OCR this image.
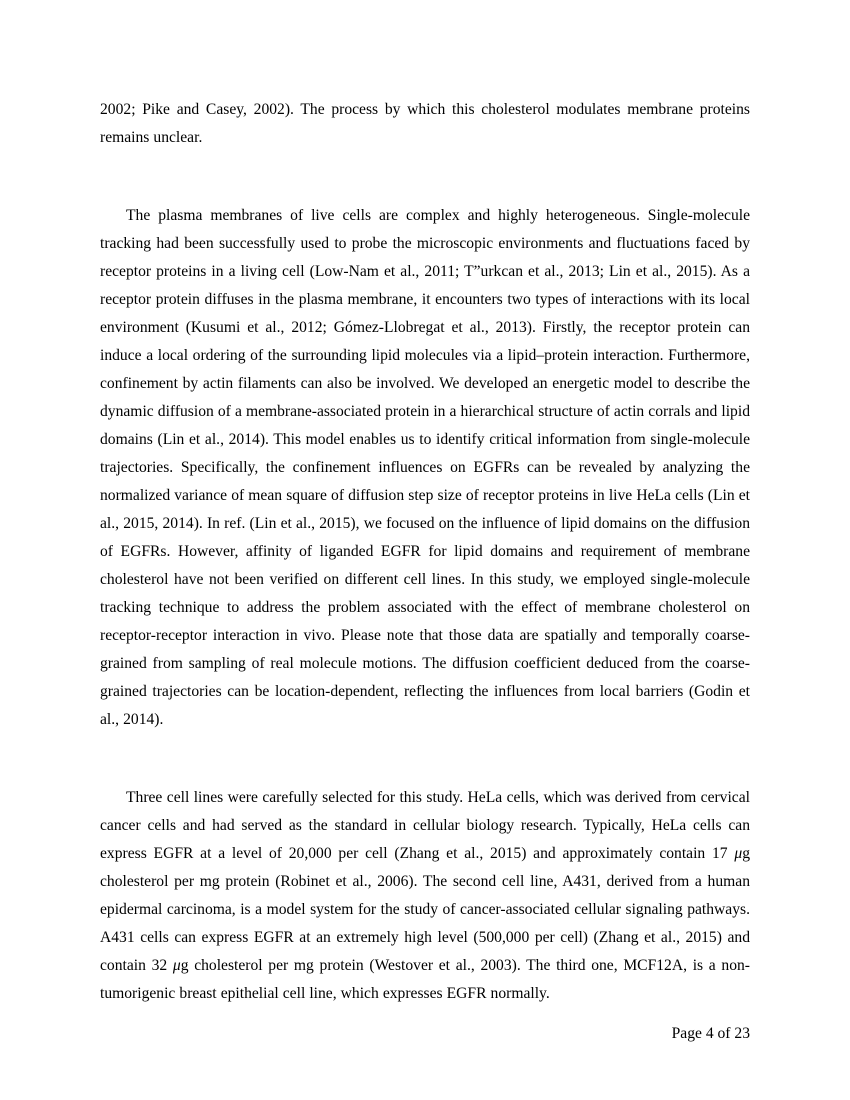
2002; Pike and Casey, 2002). The process by which this cholesterol modulates membrane proteins remains unclear.

The plasma membranes of live cells are complex and highly heterogeneous. Single-molecule tracking had been successfully used to probe the microscopic environments and fluctuations faced by receptor proteins in a living cell (Low-Nam et al., 2011; T”urkcan et al., 2013; Lin et al., 2015). As a receptor protein diffuses in the plasma membrane, it encounters two types of interactions with its local environment (Kusumi et al., 2012; Gómez-Llobregat et al., 2013). Firstly, the receptor protein can induce a local ordering of the surrounding lipid molecules via a lipid–protein interaction. Furthermore, confinement by actin filaments can also be involved. We developed an energetic model to describe the dynamic diffusion of a membrane-associated protein in a hierarchical structure of actin corrals and lipid domains (Lin et al., 2014). This model enables us to identify critical information from single-molecule trajectories. Specifically, the confinement influences on EGFRs can be revealed by analyzing the normalized variance of mean square of diffusion step size of receptor proteins in live HeLa cells (Lin et al., 2015, 2014). In ref. (Lin et al., 2015), we focused on the influence of lipid domains on the diffusion of EGFRs. However, affinity of liganded EGFR for lipid domains and requirement of membrane cholesterol have not been verified on different cell lines. In this study, we employed single-molecule tracking technique to address the problem associated with the effect of membrane cholesterol on receptor-receptor interaction in vivo. Please note that those data are spatially and temporally coarse-grained from sampling of real molecule motions. The diffusion coefficient deduced from the coarse-grained trajectories can be location-dependent, reflecting the influences from local barriers (Godin et al., 2014).

Three cell lines were carefully selected for this study. HeLa cells, which was derived from cervical cancer cells and had served as the standard in cellular biology research. Typically, HeLa cells can express EGFR at a level of 20,000 per cell (Zhang et al., 2015) and approximately contain 17 μg cholesterol per mg protein (Robinet et al., 2006). The second cell line, A431, derived from a human epidermal carcinoma, is a model system for the study of cancer-associated cellular signaling pathways. A431 cells can express EGFR at an extremely high level (500,000 per cell) (Zhang et al., 2015) and contain 32 μg cholesterol per mg protein (Westover et al., 2003). The third one, MCF12A, is a non-tumorigenic breast epithelial cell line, which expresses EGFR normally.

Page 4 of 23
